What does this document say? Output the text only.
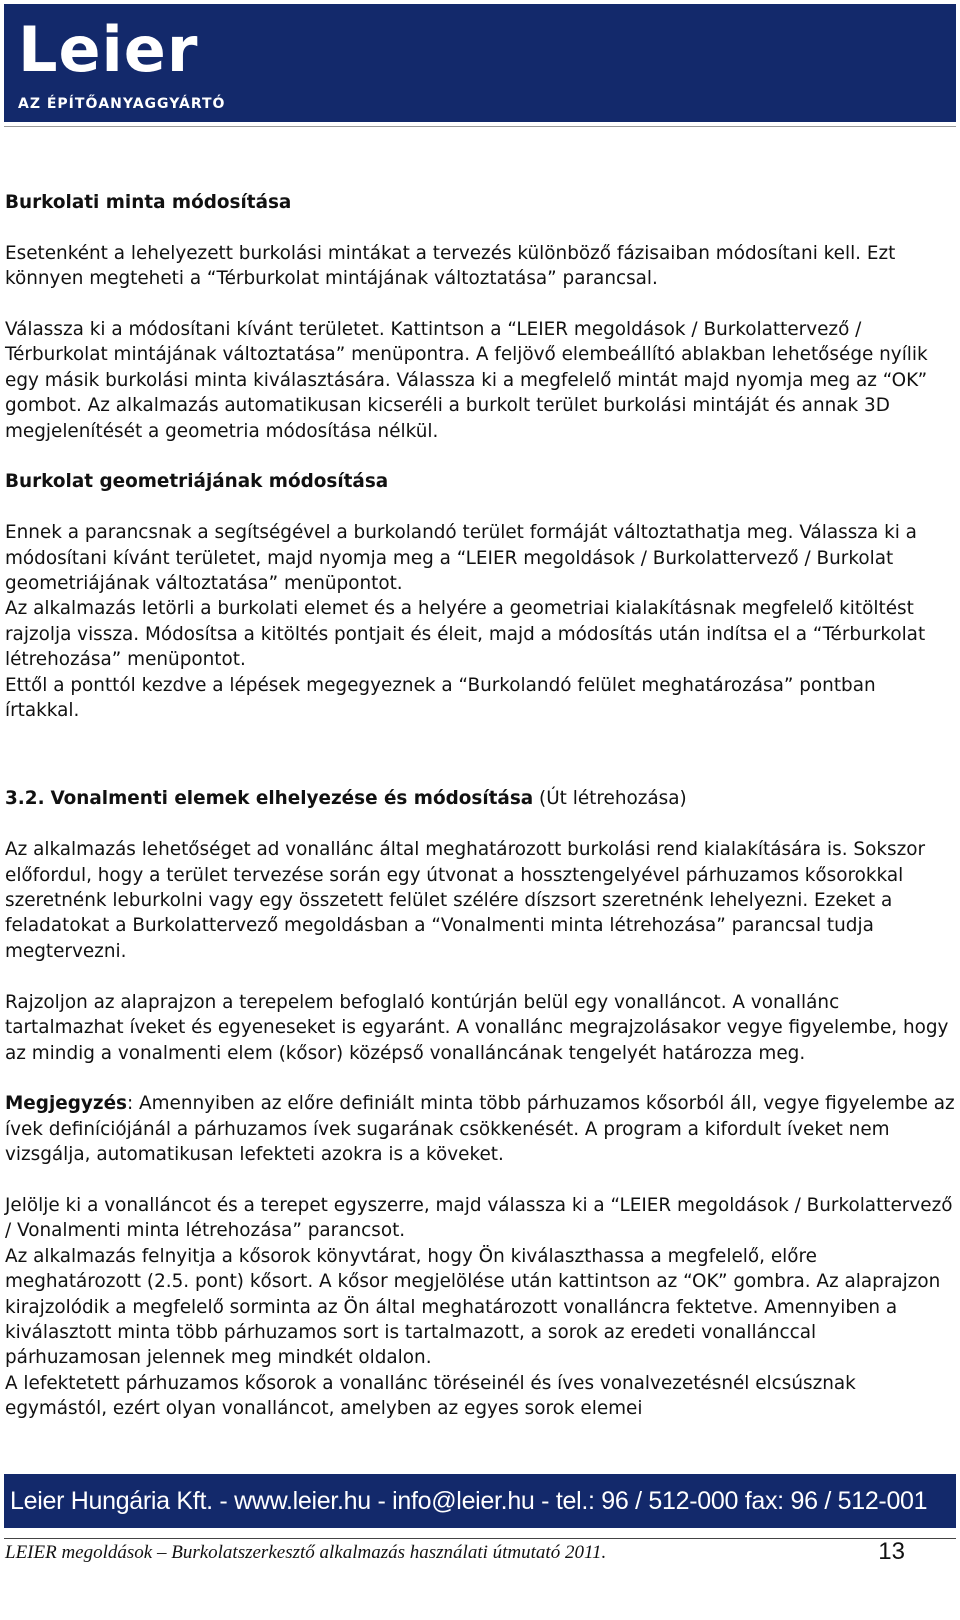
Leier
AZ ÉPÍTŐANYAGGYÁRTÓ
Burkolati minta módosítása

Esetenként a lehelyezett burkolási mintákat a tervezés különböző fázisaiban módosítani kell. Ezt könnyen megteheti a “Térburkolat mintájának változtatása” parancsal.

Válassza ki a módosítani kívánt területet. Kattintson a “LEIER megoldások / Burkolattervező / Térburkolat mintájának változtatása” menüpontra. A feljövő elembeállító ablakban lehetősége nyílik egy másik burkolási minta kiválasztására. Válassza ki a megfelelő mintát majd nyomja meg az “OK” gombot. Az alkalmazás automatikusan kicseréli a burkolt terület burkolási mintáját és annak 3D megjelenítését a geometria módosítása nélkül.

Burkolat geometriájának módosítása

Ennek a parancsnak a segítségével a burkolandó terület formáját változtathatja meg. Válassza ki a módosítani kívánt területet, majd nyomja meg a “LEIER megoldások / Burkolattervező / Burkolat geometriájának változtatása” menüpontot.

Az alkalmazás letörli a burkolati elemet és a helyére a geometriai kialakításnak megfelelő kitöltést rajzolja vissza. Módosítsa a kitöltés pontjait és éleit, majd a módosítás után indítsa el a “Térburkolat létrehozása” menüpontot.

Ettől a ponttól kezdve a lépések megegyeznek a “Burkolandó felület meghatározása” pontban írtakkal.

3.2. Vonalmenti elemek elhelyezése és módosítása (Út létrehozása)

Az alkalmazás lehetőséget ad vonallánc által meghatározott burkolási rend kialakítására is. Sokszor előfordul, hogy a terület tervezése során egy útvonat a hossztengelyével párhuzamos kősorokkal szeretnénk leburkolni vagy egy összetett felület szélére díszsort szeretnénk lehelyezni. Ezeket a feladatokat a Burkolattervező megoldásban a “Vonalmenti minta létrehozása” parancsal tudja megtervezni.

Rajzoljon az alaprajzon a terepelem befoglaló kontúrján belül egy vonalláncot. A vonallánc tartalmazhat íveket és egyeneseket is egyaránt. A vonallánc megrajzolásakor vegye figyelembe, hogy az mindig a vonalmenti elem (kősor) középső vonalláncának tengelyét határozza meg.

Megjegyzés: Amennyiben az előre definiált minta több párhuzamos kősorból áll, vegye figyelembe az ívek definíciójánál a párhuzamos ívek sugarának csökkenését. A program a kifordult íveket nem vizsgálja, automatikusan lefekteti azokra is a köveket.

Jelölje ki a vonalláncot és a terepet egyszerre, majd válassza ki a “LEIER megoldások / Burkolattervező / Vonalmenti minta létrehozása” parancsot.

Az alkalmazás felnyitja a kősorok könyvtárat, hogy Ön kiválaszthassa a megfelelő, előre meghatározott (2.5. pont) kősort. A kősor megjelölése után kattintson az “OK” gombra. Az alaprajzon kirajzolódik a megfelelő sorminta az Ön által meghatározott vonalláncra fektetve. Amennyiben a kiválasztott minta több párhuzamos sort is tartalmazott, a sorok az eredeti vonallánccal párhuzamosan jelennek meg mindkét oldalon.

A lefektetett párhuzamos kősorok a vonallánc töréseinél és íves vonalvezetésnél elcsúsznak egymástól, ezért olyan vonalláncot, amelyben az egyes sorok elemei

Leier Hungária Kft. - www.leier.hu - info@leier.hu - tel.: 96 / 512-000 fax: 96 / 512-001
LEIER megoldások – Burkolatszerkesztő alkalmazás használati útmutató 2011.	13
